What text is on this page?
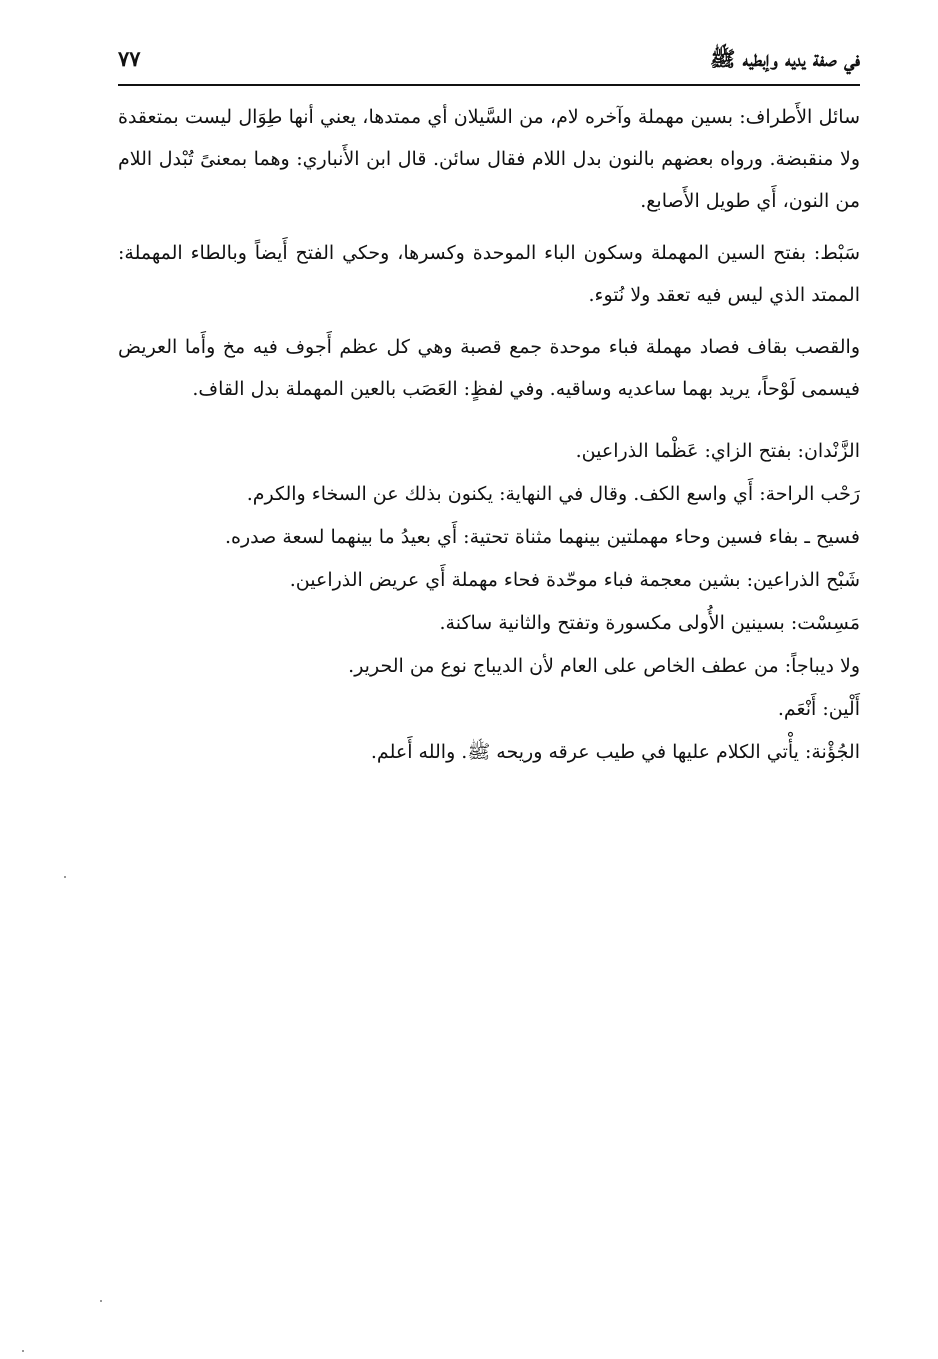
في صفة يديه وإبطيه ﷺ
٧٧

سائل الأَطراف: بسين مهملة وآخره لام، من السَّيلان أي ممتدها، يعني أنها طِوَال ليست بمتعقدة ولا منقبضة. ورواه بعضهم بالنون بدل اللام فقال سائن. قال ابن الأَنباري: وهما بمعنىً تُبْدل اللام من النون، أَي طويل الأَصابع.

سَبْط: بفتح السين المهملة وسكون الباء الموحدة وكسرها، وحكي الفتح أَيضاً وبالطاء المهملة: الممتد الذي ليس فيه تعقد ولا نُتوء.

والقصب بقاف فصاد مهملة فباء موحدة جمع قصبة وهي كل عظم أَجوف فيه مخ وأَما العريض فيسمى لَوْحاً، يريد بهما ساعديه وساقيه. وفي لفظٍ: العَصَب بالعين المهملة بدل القاف.

الزَّنْدان: بفتح الزاي: عَظْما الذراعين.

رَحْب الراحة: أَي واسع الكف. وقال في النهاية: يكنون بذلك عن السخاء والكرم.

فسيح ـ بفاء فسين وحاء مهملتين بينهما مثناة تحتية: أَي بعيدُ ما بينهما لسعة صدره.

شَبْح الذراعين: بشين معجمة فباء موحّدة فحاء مهملة أَي عريض الذراعين.

مَسِسْت: بسينين الأُولى مكسورة وتفتح والثانية ساكنة.

ولا ديباجاً: من عطف الخاص على العام لأن الديباج نوع من الحرير.

أَلْين: أَنْعَم.

الجُؤْنة: يأْتي الكلام عليها في طيب عرقه وريحه ﷺ. والله أَعلم.
